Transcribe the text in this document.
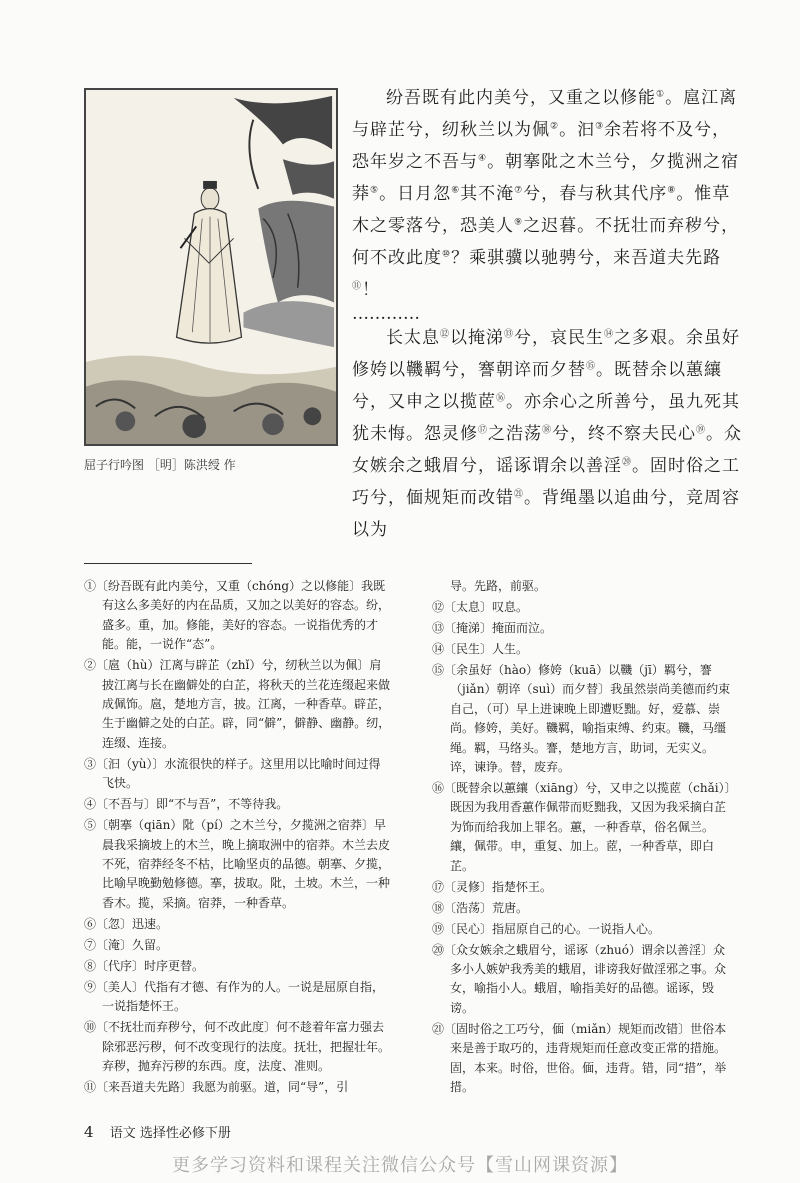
屈子行吟图 ［明］陈洪绶 作

纷吾既有此内美兮，又重之以修能①。扈江离与辟芷兮，纫秋兰以为佩②。汩③余若将不及兮，恐年岁之不吾与④。朝搴阰之木兰兮，夕揽洲之宿莽⑤。日月忽⑥其不淹⑦兮，春与秋其代序⑧。惟草木之零落兮，恐美人⑨之迟暮。不抚壮而弃秽兮，何不改此度⑩？乘骐骥以驰骋兮，来吾道夫先路⑪！

…………

长太息⑫以掩涕⑬兮，哀民生⑭之多艰。余虽好修姱以鞿羁兮，謇朝谇而夕替⑮。既替余以蕙纕兮，又申之以揽茝⑯。亦余心之所善兮，虽九死其犹未悔。怨灵修⑰之浩荡⑱兮，终不察夫民心⑲。众女嫉余之蛾眉兮，谣诼谓余以善淫⑳。固时俗之工巧兮，偭规矩而改错$^㉑$。背绳墨以追曲兮，竞周容以为

①〔纷吾既有此内美兮，又重（chóng）之以修能〕我既有这么多美好的内在品质，又加之以美好的容态。纷，盛多。重，加。修能，美好的容态。一说指优秀的才能。能，一说作“态”。

②〔扈（hù）江离与辟芷（zhǐ）兮，纫秋兰以为佩〕肩披江离与长在幽僻处的白芷，将秋天的兰花连缀起来做成佩饰。扈，楚地方言，披。江离，一种香草。辟芷，生于幽僻之处的白芷。辟，同“僻”，僻静、幽静。纫，连缀、连接。

③〔汩（yù）〕水流很快的样子。这里用以比喻时间过得飞快。

④〔不吾与〕即“不与吾”，不等待我。

⑤〔朝搴（qiān）阰（pí）之木兰兮，夕揽洲之宿莽〕早晨我采摘坡上的木兰，晚上摘取洲中的宿莽。木兰去皮不死，宿莽经冬不枯，比喻坚贞的品德。朝搴、夕揽，比喻早晚勤勉修德。搴，拔取。阰，土坡。木兰，一种香木。揽，采摘。宿莽，一种香草。

⑥〔忽〕迅速。

⑦〔淹〕久留。

⑧〔代序〕时序更替。

⑨〔美人〕代指有才德、有作为的人。一说是屈原自指，一说指楚怀王。

⑩〔不抚壮而弃秽兮，何不改此度〕何不趁着年富力强去除邪恶污秽，何不改变现行的法度。抚壮，把握壮年。弃秽，抛弃污秽的东西。度，法度、准则。

⑪〔来吾道夫先路〕我愿为前驱。道，同“导”，引

导。先路，前驱。

⑫〔太息〕叹息。

⑬〔掩涕〕掩面而泣。

⑭〔民生〕人生。

⑮〔余虽好（hào）修姱（kuā）以鞿（jī）羁兮，謇（jiǎn）朝谇（suì）而夕替〕我虽然崇尚美德而约束自己，（可）早上进谏晚上即遭贬黜。好，爱慕、崇尚。修姱，美好。鞿羁，喻指束缚、约束。鞿，马缰绳。羁，马络头。謇，楚地方言，助词，无实义。谇，谏诤。替，废弃。

⑯〔既替余以蕙纕（xiāng）兮，又申之以揽茝（chǎi）〕既因为我用香蕙作佩带而贬黜我，又因为我采摘白芷为饰而给我加上罪名。蕙，一种香草，俗名佩兰。纕，佩带。申，重复、加上。茝，一种香草，即白芷。

⑰〔灵修〕指楚怀王。

⑱〔浩荡〕荒唐。

⑲〔民心〕指屈原自己的心。一说指人心。

⑳〔众女嫉余之蛾眉兮，谣诼（zhuó）谓余以善淫〕众多小人嫉妒我秀美的蛾眉，诽谤我好做淫邪之事。众女，喻指小人。蛾眉，喻指美好的品德。谣诼，毁谤。

㉑〔固时俗之工巧兮，偭（miǎn）规矩而改错〕世俗本来是善于取巧的，违背规矩而任意改变正常的措施。固，本来。时俗，世俗。偭，违背。错，同“措”，举措。

4 语文 选择性必修下册
更多学习资料和课程关注微信公众号【雪山网课资源】
